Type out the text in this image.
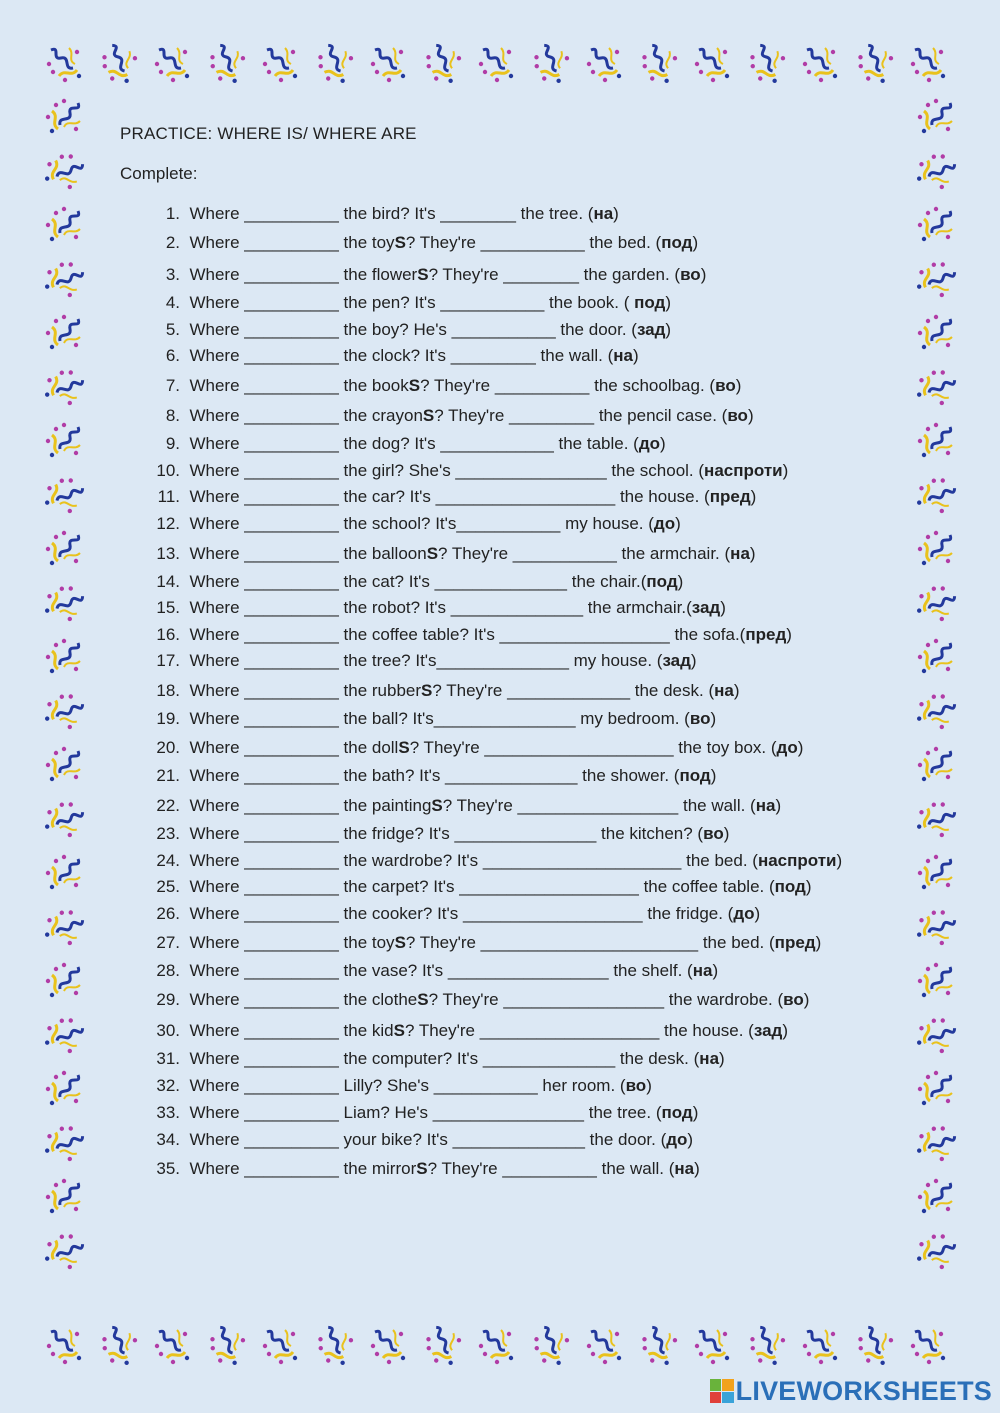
PRACTICE: WHERE IS/ WHERE ARE
Complete:
1. Where __________ the bird? It's ________ the tree. (на)
2. Where __________ the toyS? They're ___________ the bed. (под)
3. Where __________ the flowerS? They're ________ the garden. (во)
4. Where __________ the pen? It's ___________ the book. ( под)
5. Where __________ the boy? He's ___________ the door. (зад)
6. Where __________ the clock? It's _________ the wall. (на)
7. Where __________ the bookS? They're __________ the schoolbag. (во)
8. Where __________ the crayonS? They're _________ the pencil case. (во)
9. Where __________ the dog? It's ____________ the table. (до)
10. Where __________ the girl? She's ________________ the school. (наспроти)
11. Where __________ the car? It's ___________________ the house. (пред)
12. Where __________ the school? It's___________ my house. (до)
13. Where __________ the balloonS? They're ___________ the armchair. (на)
14. Where __________ the cat? It's ______________ the chair.(под)
15. Where __________ the robot? It's ______________ the armchair.(зад)
16. Where __________ the coffee table? It's __________________ the sofa.(пред)
17. Where __________ the tree? It's______________ my house. (зад)
18. Where __________ the rubberS? They're _____________ the desk. (на)
19. Where __________ the ball? It's_______________ my bedroom. (во)
20. Where __________ the dollS? They're ____________________ the toy box. (до)
21. Where __________ the bath? It's ______________ the shower. (под)
22. Where __________ the paintingS? They're _________________ the wall. (на)
23. Where __________ the fridge? It's _______________ the kitchen? (во)
24. Where __________ the wardrobe? It's _____________________ the bed. (наспроти)
25. Where __________ the carpet? It's ___________________ the coffee table. (под)
26. Where __________ the cooker? It's ___________________ the fridge. (до)
27. Where __________ the toyS? They're _______________________ the bed. (пред)
28. Where __________ the vase? It's _________________ the shelf. (на)
29. Where __________ the clotheS? They're _________________ the wardrobe. (во)
30. Where __________ the kidS? They're ___________________ the house. (зад)
31. Where __________ the computer? It's ______________ the desk. (на)
32. Where __________ Lilly? She's ___________ her room. (во)
33. Where __________ Liam? He's ________________ the tree. (под)
34. Where __________ your bike? It's ______________ the door. (до)
35. Where __________ the mirrorS? They're __________ the wall. (на)
LIVEWORKSHEETS
